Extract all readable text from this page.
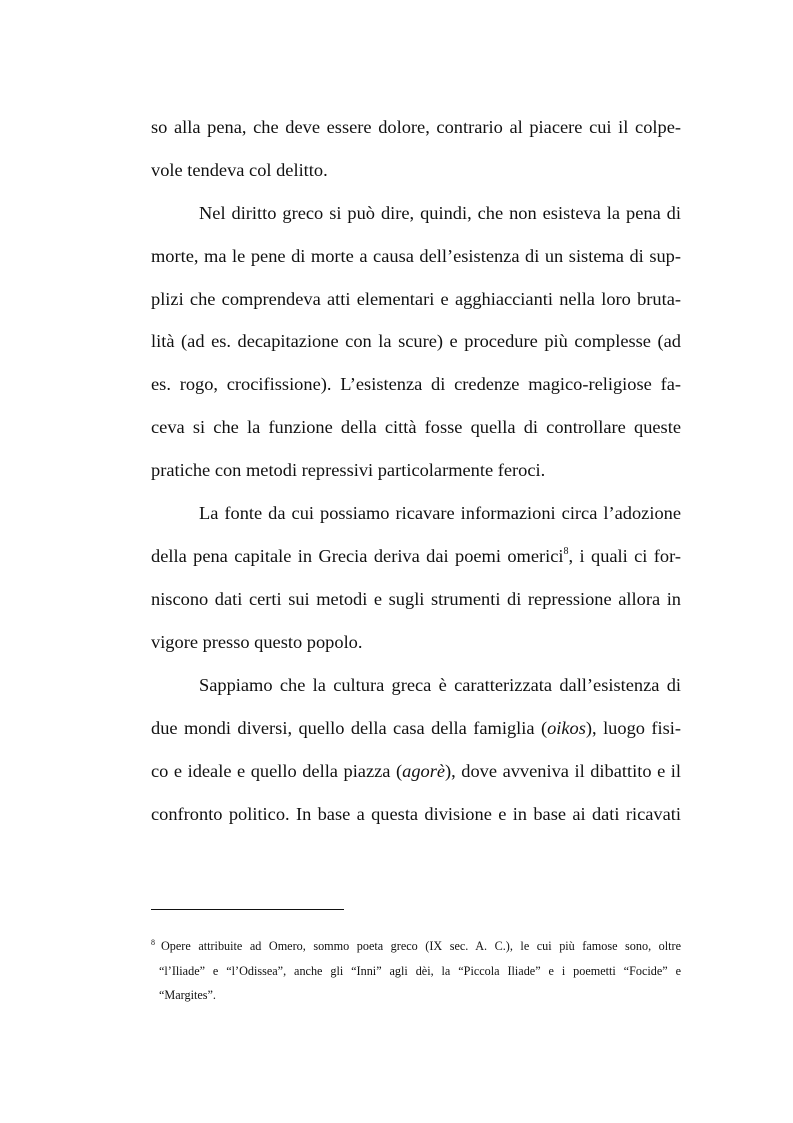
so alla pena, che deve essere dolore, contrario al piacere cui il colpe-
vole tendeva col delitto.
Nel diritto greco si può dire, quindi, che non esisteva la pena di
morte, ma le pene di morte a causa dell’esistenza di un sistema di sup-
plizi che comprendeva atti elementari e agghiaccianti nella loro bruta-
lità (ad es. decapitazione con la scure) e procedure più complesse (ad
es. rogo, crocifissione). L’esistenza di credenze magico-religiose fa-
ceva si che la funzione della città fosse quella di controllare queste
pratiche con metodi repressivi particolarmente feroci.
La fonte da cui possiamo ricavare informazioni circa l’adozione
della pena capitale in Grecia deriva dai poemi omerici$^8$, i quali ci for-
niscono dati certi sui metodi e sugli strumenti di repressione allora in
vigore presso questo popolo.
Sappiamo che la cultura greca è caratterizzata dall’esistenza di
due mondi diversi, quello della casa della famiglia (oikos), luogo fisi-
co e ideale e quello della piazza (agorè), dove avveniva il dibattito e il
confronto politico. In base a questa divisione e in base ai dati ricavati
$^8$ Opere attribuite ad Omero, sommo poeta greco (IX sec. A. C.), le cui più famose sono, oltre
“l’Iliade” e “l’Odissea”, anche gli “Inni” agli dèi, la “Piccola Iliade” e i poemetti “Focide” e
“Margites”.
